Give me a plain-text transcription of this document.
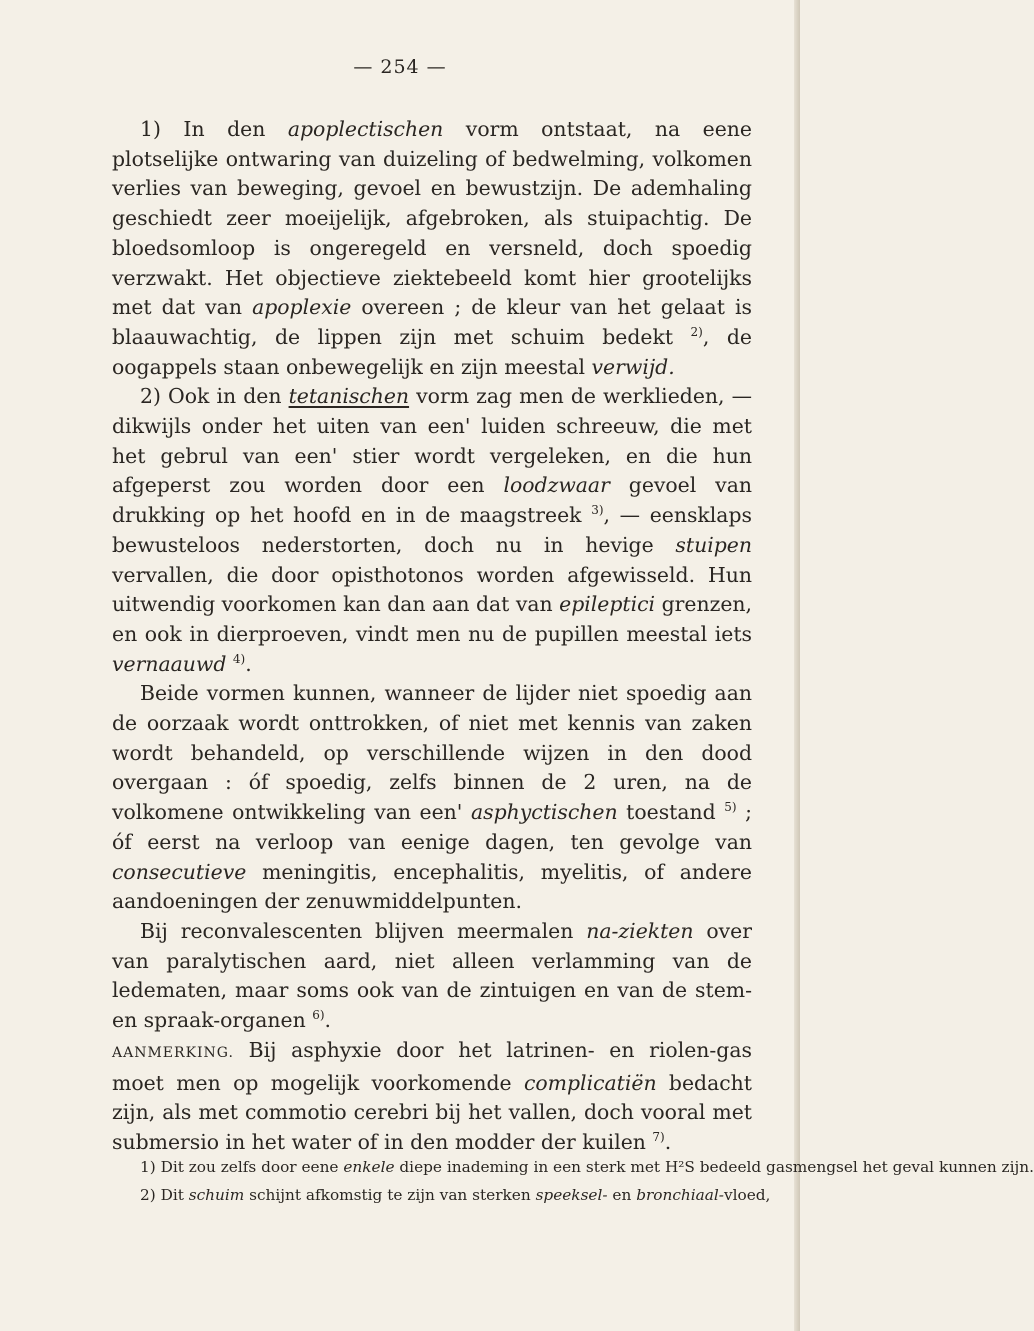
— 254 —

1) In den apoplectischen vorm ontstaat, na eene plotselijke ontwaring van duizeling of bedwelming, volkomen verlies van beweging, gevoel en bewustzijn. De ademhaling geschiedt zeer moeijelijk, afgebroken, als stuipachtig. De bloedsomloop is ongeregeld en versneld, doch spoedig verzwakt. Het objectieve ziektebeeld komt hier grootelijks met dat van apoplexie overeen ; de kleur van het gelaat is blaauwachtig, de lippen zijn met schuim bedekt $^{2)}$, de oogappels staan onbewegelijk en zijn meestal verwijd.

2) Ook in den tetanischen vorm zag men de werklieden, — dikwijls onder het uiten van een' luiden schreeuw, die met het gebrul van een' stier wordt vergeleken, en die hun afgeperst zou worden door een loodzwaar gevoel van drukking op het hoofd en in de maagstreek $^{3)}$, — eensklaps bewusteloos nederstorten, doch nu in hevige stuipen vervallen, die door opisthotonos worden afgewisseld. Hun uitwendig voorkomen kan dan aan dat van epileptici grenzen, en ook in dierproeven, vindt men nu de pupillen meestal iets vernaauwd $^{4)}$.

Beide vormen kunnen, wanneer de lijder niet spoedig aan de oorzaak wordt onttrokken, of niet met kennis van zaken wordt behandeld, op verschillende wijzen in den dood overgaan : óf spoedig, zelfs binnen de 2 uren, na de volkomene ontwikkeling van een' asphyctischen toestand $^{5)}$ ; óf eerst na verloop van eenige dagen, ten gevolge van consecutieve meningitis, encephalitis, myelitis, of andere aandoeningen der zenuwmiddelpunten.

Bij reconvalescenten blijven meermalen na-ziekten over van paralytischen aard, niet alleen verlamming van de ledematen, maar soms ook van de zintuigen en van de stem- en spraak-organen $^{6)}$.

AANMERKING. Bij asphyxie door het latrinen- en riolen-gas moet men op mogelijk voorkomende complicatiën bedacht zijn, als met commotio cerebri bij het vallen, doch vooral met submersio in het water of in den modder der kuilen $^{7)}$.

1) Dit zou zelfs door eene enkele diepe inademing in een sterk met H²S bedeeld gasmengsel het geval kunnen zijn.

2) Dit schuim schijnt afkomstig te zijn van sterken speeksel- en bronchiaal-vloed,
